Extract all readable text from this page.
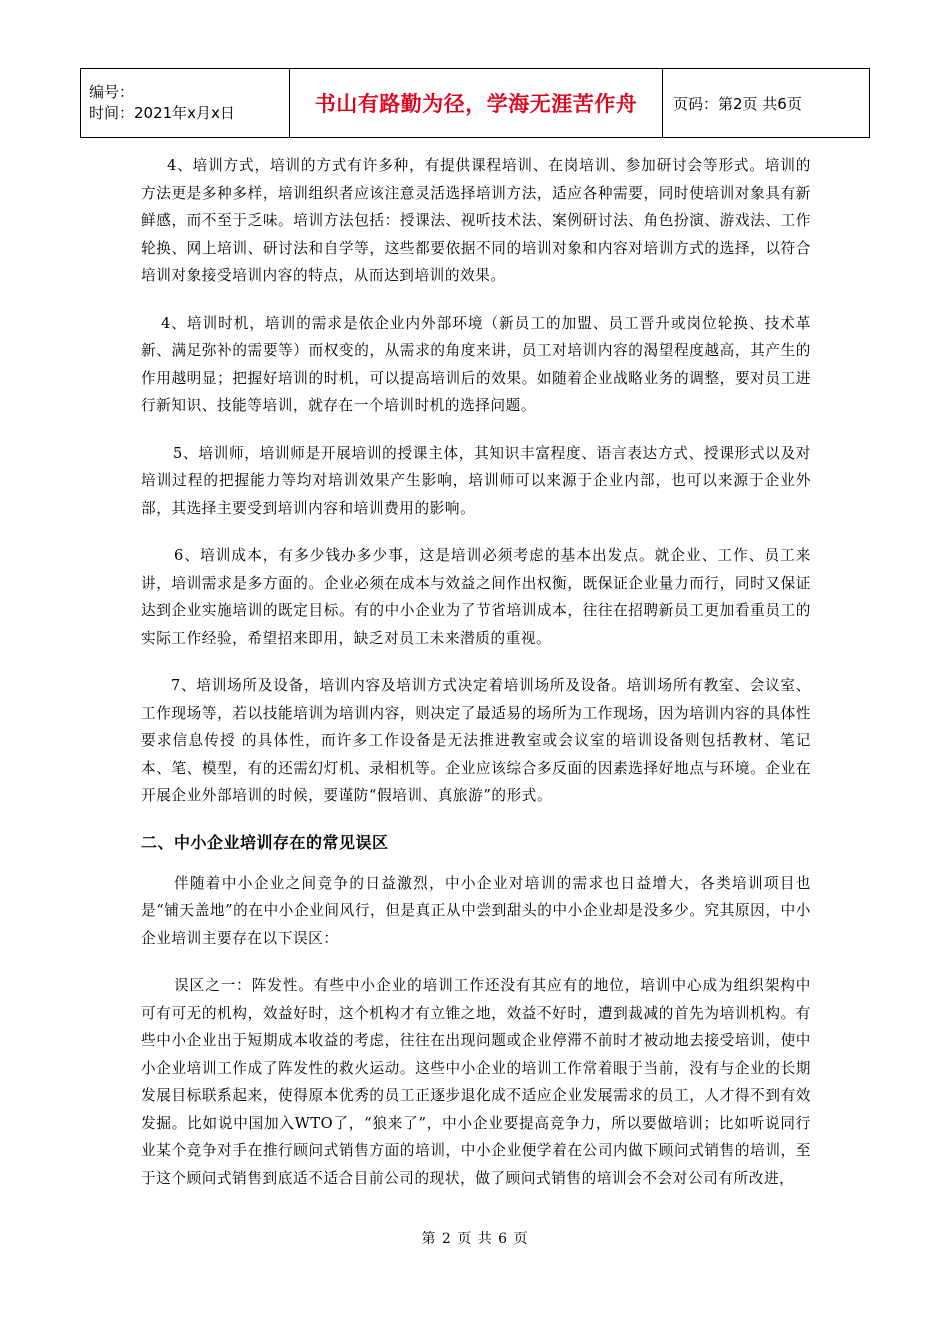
编号：
时间：2021年x月x日	书山有路勤为径，学海无涯苦作舟	页码：第2页 共6页

4、培训方式，培训的方式有许多种，有提供课程培训、在岗培训、参加研讨会等形式。培训的方法更是多种多样，培训组织者应该注意灵活选择培训方法，适应各种需要，同时使培训对象具有新鲜感，而不至于乏味。培训方法包括：授课法、视听技术法、案例研讨法、角色扮演、游戏法、工作轮换、网上培训、研讨法和自学等，这些都要依据不同的培训对象和内容对培训方式的选择，以符合培训对象接受培训内容的特点，从而达到培训的效果。

4、培训时机，培训的需求是依企业内外部环境（新员工的加盟、员工晋升或岗位轮换、技术革新、满足弥补的需要等）而权变的，从需求的角度来讲，员工对培训内容的渴望程度越高，其产生的作用越明显；把握好培训的时机，可以提高培训后的效果。如随着企业战略业务的调整，要对员工进行新知识、技能等培训，就存在一个培训时机的选择问题。

5、培训师，培训师是开展培训的授课主体，其知识丰富程度、语言表达方式、授课形式以及对培训过程的把握能力等均对培训效果产生影响，培训师可以来源于企业内部，也可以来源于企业外部，其选择主要受到培训内容和培训费用的影响。

6、培训成本，有多少钱办多少事，这是培训必须考虑的基本出发点。就企业、工作、员工来讲，培训需求是多方面的。企业必须在成本与效益之间作出权衡，既保证企业量力而行，同时又保证达到企业实施培训的既定目标。有的中小企业为了节省培训成本，往往在招聘新员工更加看重员工的实际工作经验，希望招来即用，缺乏对员工未来潜质的重视。

7、培训场所及设备，培训内容及培训方式决定着培训场所及设备。培训场所有教室、会议室、工作现场等，若以技能培训为培训内容，则决定了最适易的场所为工作现场，因为培训内容的具体性要求信息传授 的具体性，而许多工作设备是无法推进教室或会议室的培训设备则包括教材、笔记本、笔、模型，有的还需幻灯机、录相机等。企业应该综合多反面的因素选择好地点与环境。企业在开展企业外部培训的时候，要谨防“假培训、真旅游”的形式。

二、中小企业培训存在的常见误区

伴随着中小企业之间竞争的日益激烈，中小企业对培训的需求也日益增大，各类培训项目也是“铺天盖地”的在中小企业间风行，但是真正从中尝到甜头的中小企业却是没多少。究其原因，中小企业培训主要存在以下误区：

误区之一：阵发性。有些中小企业的培训工作还没有其应有的地位，培训中心成为组织架构中可有可无的机构，效益好时，这个机构才有立锥之地，效益不好时，遭到裁减的首先为培训机构。有些中小企业出于短期成本收益的考虑，往往在出现问题或企业停滞不前时才被动地去接受培训，使中小企业培训工作成了阵发性的救火运动。这些中小企业的培训工作常着眼于当前，没有与企业的长期发展目标联系起来，使得原本优秀的员工正逐步退化成不适应企业发展需求的员工，人才得不到有效发掘。比如说中国加入WTO了，“狼来了”，中小企业要提高竞争力，所以要做培训；比如听说同行业某个竞争对手在推行顾问式销售方面的培训，中小企业便学着在公司内做下顾问式销售的培训，至于这个顾问式销售到底适不适合目前公司的现状，做了顾问式销售的培训会不会对公司有所改进，

第 2 页 共 6 页
